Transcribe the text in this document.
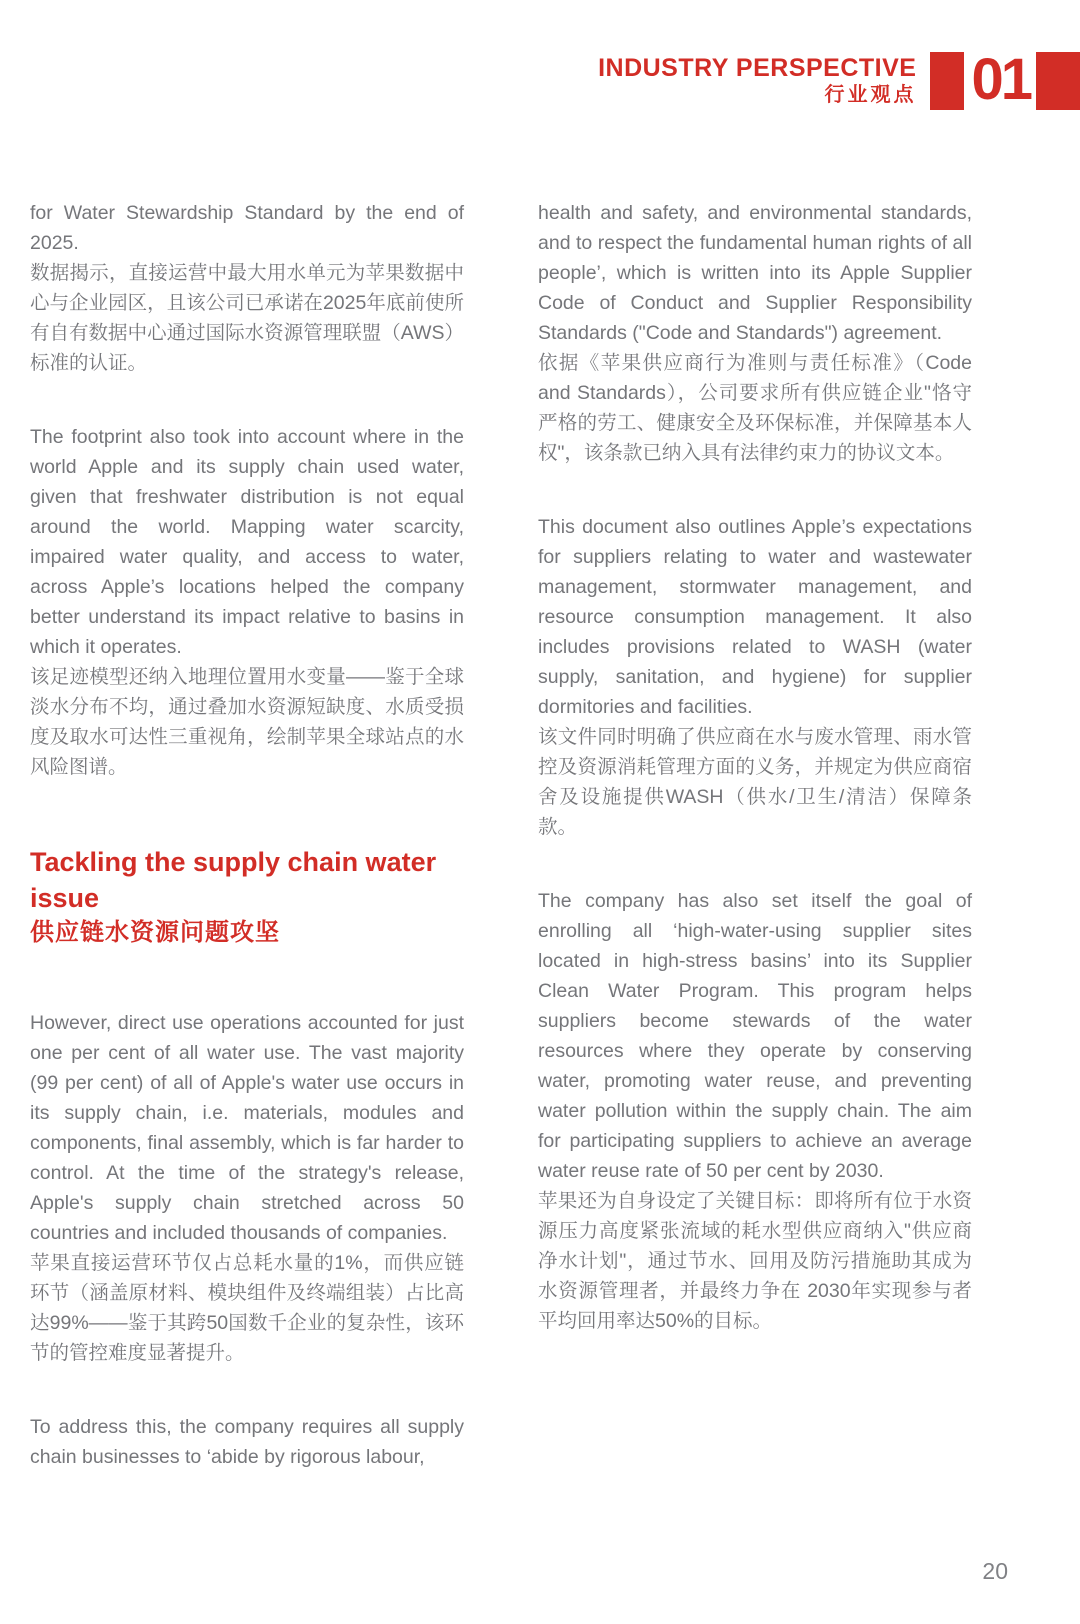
INDUSTRY PERSPECTIVE
行业观点 01
for Water Stewardship Standard by the end of 2025.
数据揭示，直接运营中最大用水单元为苹果数据中心与企业园区，且该公司已承诺在2025年底前使所有自有数据中心通过国际水资源管理联盟（AWS）标准的认证。
The footprint also took into account where in the world Apple and its supply chain used water, given that freshwater distribution is not equal around the world. Mapping water scarcity, impaired water quality, and access to water, across Apple’s locations helped the company better understand its impact relative to basins in which it operates.
该足迹模型还纳入地理位置用水变量——鉴于全球淡水分布不均，通过叠加水资源短缺度、水质受损度及取水可达性三重视角，绘制苹果全球站点的水风险图谱。
Tackling the supply chain water issue
供应链水资源问题攻坚
However, direct use operations accounted for just one per cent of all water use. The vast majority (99 per cent) of all of Apple's water use occurs in its supply chain, i.e. materials, modules and components, final assembly, which is far harder to control. At the time of the strategy's release, Apple's supply chain stretched across 50 countries and included thousands of companies.
苹果直接运营环节仅占总耗水量的1%，而供应链环节（涵盖原材料、模块组件及终端组装）占比高达99%——鉴于其跨50国数千企业的复杂性，该环节的管控难度显著提升。
To address this, the company requires all supply chain businesses to ‘abide by rigorous labour,
health and safety, and environmental standards, and to respect the fundamental human rights of all people’, which is written into its Apple Supplier Code of Conduct and Supplier Responsibility Standards ("Code and Standards") agreement.
依据《苹果供应商行为准则与责任标准》（Code and Standards），公司要求所有供应链企业"恪守严格的劳工、健康安全及环保标准，并保障基本人权"，该条款已纳入具有法律约束力的协议文本。
This document also outlines Apple’s expectations for suppliers relating to water and wastewater management, stormwater management, and resource consumption management. It also includes provisions related to WASH (water supply, sanitation, and hygiene) for supplier dormitories and facilities.
该文件同时明确了供应商在水与废水管理、雨水管控及资源消耗管理方面的义务，并规定为供应商宿舍及设施提供WASH（供水/卫生/清洁）保障条款。
The company has also set itself the goal of enrolling all ‘high-water-using supplier sites located in high-stress basins’ into its Supplier Clean Water Program. This program helps suppliers become stewards of the water resources where they operate by conserving water, promoting water reuse, and preventing water pollution within the supply chain. The aim for participating suppliers to achieve an average water reuse rate of 50 per cent by 2030.
苹果还为自身设定了关键目标：即将所有位于水资源压力高度紧张流域的耗水型供应商纳入"供应商净水计划"，通过节水、回用及防污措施助其成为水资源管理者，并最终力争在 2030年实现参与者平均回用率达50%的目标。
20
